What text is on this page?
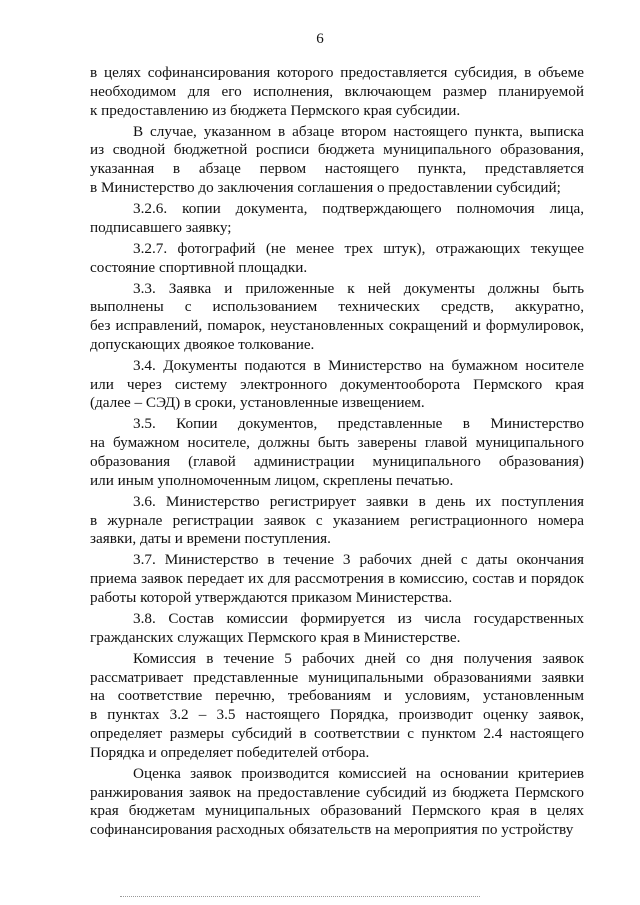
6
в целях софинансирования которого предоставляется субсидия, в объеме
необходимом для его исполнения, включающем размер планируемой
к предоставлению из бюджета Пермского края субсидии.
В случае, указанном в абзаце втором настоящего пункта, выписка
из сводной бюджетной росписи бюджета муниципального образования,
указанная в абзаце первом настоящего пункта, представляется
в Министерство до заключения соглашения о предоставлении субсидий;
3.2.6. копии документа, подтверждающего полномочия лица,
подписавшего заявку;
3.2.7. фотографий (не менее трех штук), отражающих текущее
состояние спортивной площадки.
3.3. Заявка и приложенные к ней документы должны быть
выполнены с использованием технических средств, аккуратно,
без исправлений, помарок, неустановленных сокращений и формулировок,
допускающих двоякое толкование.
3.4. Документы подаются в Министерство на бумажном носителе
или через систему электронного документооборота Пермского края
(далее – СЭД) в сроки, установленные извещением.
3.5. Копии документов, представленные в Министерство
на бумажном носителе, должны быть заверены главой муниципального
образования (главой администрации муниципального образования)
или иным уполномоченным лицом, скреплены печатью.
3.6. Министерство регистрирует заявки в день их поступления
в журнале регистрации заявок с указанием регистрационного номера
заявки, даты и времени поступления.
3.7. Министерство в течение 3 рабочих дней с даты окончания
приема заявок передает их для рассмотрения в комиссию, состав и порядок
работы которой утверждаются приказом Министерства.
3.8. Состав комиссии формируется из числа государственных
гражданских служащих Пермского края в Министерстве.
Комиссия в течение 5 рабочих дней со дня получения заявок
рассматривает представленные муниципальными образованиями заявки
на соответствие перечню, требованиям и условиям, установленным
в пунктах 3.2 – 3.5 настоящего Порядка, производит оценку заявок,
определяет размеры субсидий в соответствии с пунктом 2.4 настоящего
Порядка и определяет победителей отбора.
Оценка заявок производится комиссией на основании критериев
ранжирования заявок на предоставление субсидий из бюджета Пермского
края бюджетам муниципальных образований Пермского края в целях
софинансирования расходных обязательств на мероприятия по устройству
